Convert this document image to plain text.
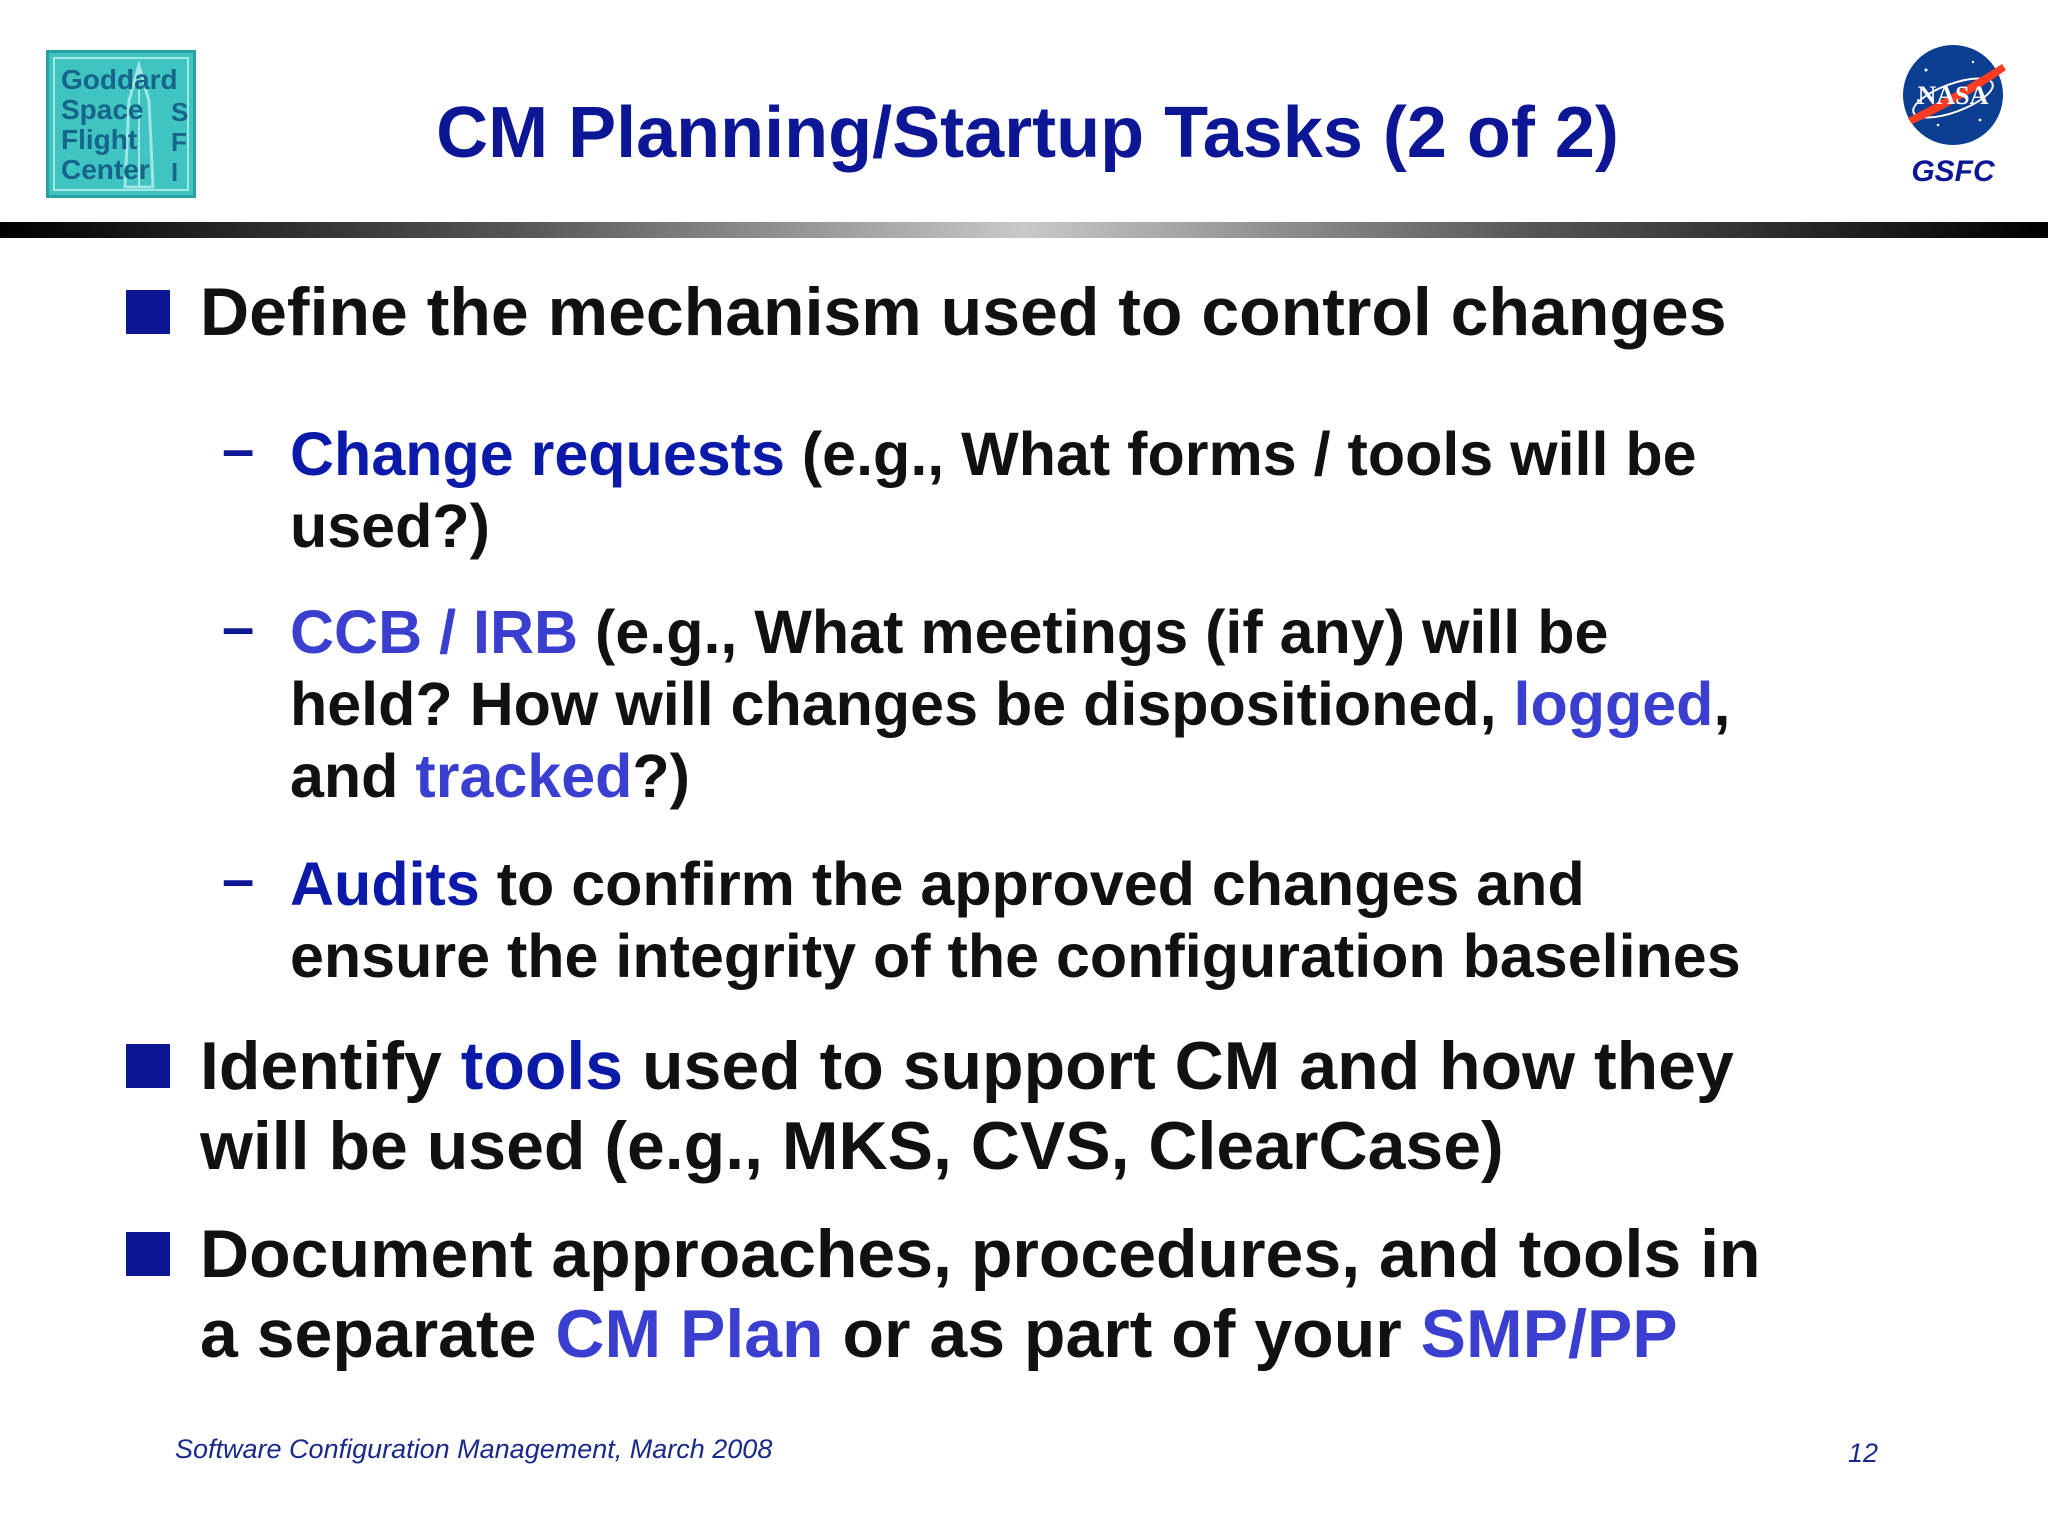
Goddard
Space
Flight
Center
S
F
I	CM Planning/Startup Tasks (2 of 2)	NASA
GSFC
Define the mechanism used to control changes
– Change requests (e.g., What forms / tools will be
used?)
– CCB / IRB (e.g., What meetings (if any) will be
held? How will changes be dispositioned, logged,
and tracked?)
– Audits to confirm the approved changes and
ensure the integrity of the configuration baselines
Identify tools used to support CM and how they
will be used (e.g., MKS, CVS, ClearCase)
Document approaches, procedures, and tools in
a separate CM Plan or as part of your SMP/PP
Software Configuration Management, March 2008	12
